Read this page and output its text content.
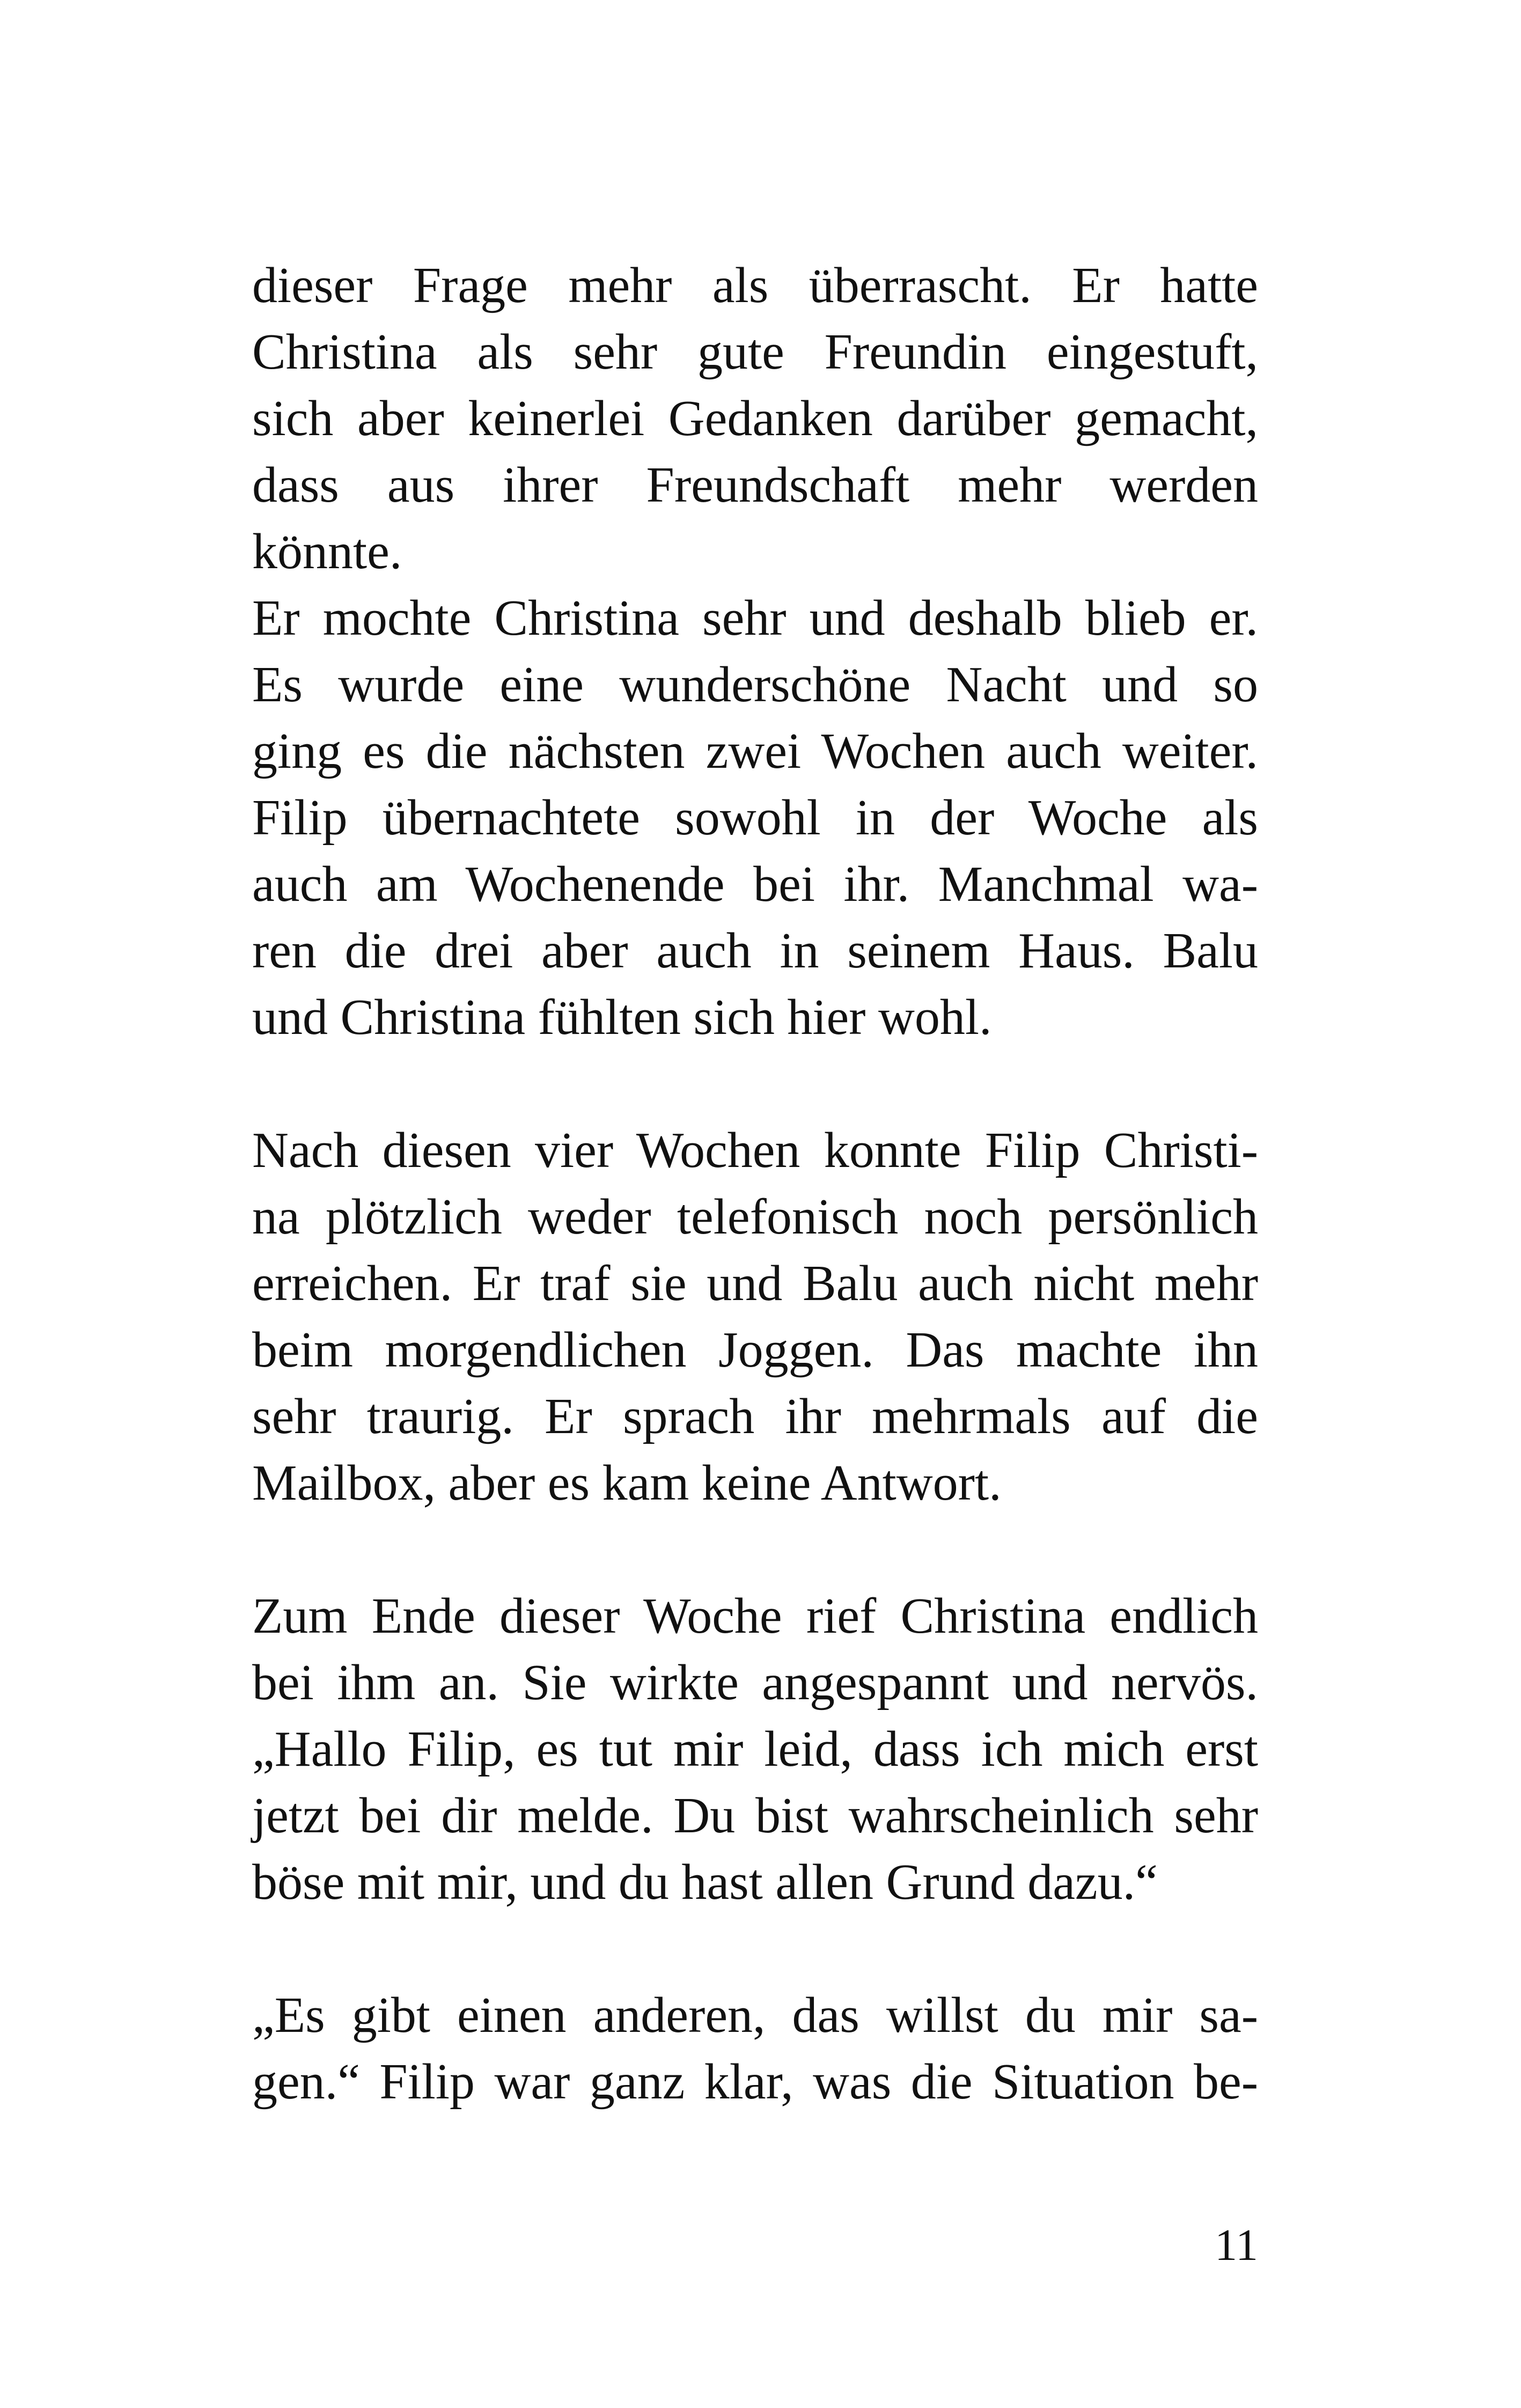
dieser Frage mehr als überrascht. Er hatte
Christina als sehr gute Freundin eingestuft,
sich aber keinerlei Gedanken darüber gemacht,
dass aus ihrer Freundschaft mehr werden
könnte.
Er mochte Christina sehr und deshalb blieb er.
Es wurde eine wunderschöne Nacht und so
ging es die nächsten zwei Wochen auch weiter.
Filip übernachtete sowohl in der Woche als
auch am Wochenende bei ihr. Manchmal wa-
ren die drei aber auch in seinem Haus. Balu
und Christina fühlten sich hier wohl.
Nach diesen vier Wochen konnte Filip Christi-
na plötzlich weder telefonisch noch persönlich
erreichen. Er traf sie und Balu auch nicht mehr
beim morgendlichen Joggen. Das machte ihn
sehr traurig. Er sprach ihr mehrmals auf die
Mailbox, aber es kam keine Antwort.
Zum Ende dieser Woche rief Christina endlich
bei ihm an. Sie wirkte angespannt und nervös.
„Hallo Filip, es tut mir leid, dass ich mich erst
jetzt bei dir melde. Du bist wahrscheinlich sehr
böse mit mir, und du hast allen Grund dazu.“
„Es gibt einen anderen, das willst du mir sa-
gen.“ Filip war ganz klar, was die Situation be-
11
